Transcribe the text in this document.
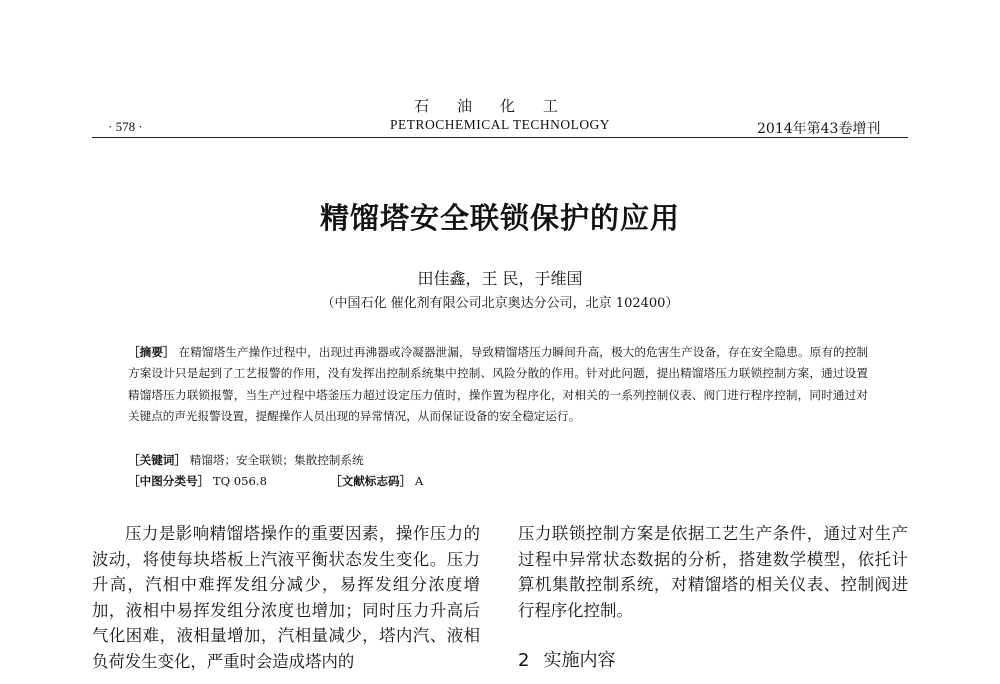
石油化工
PETROCHEMICAL TECHNOLOGY
· 578 ·	2014年第43卷增刊
精馏塔安全联锁保护的应用
田佳鑫，王 民，于维国
（中国石化 催化剂有限公司北京奥达分公司，北京 102400）
［摘要］ 在精馏塔生产操作过程中，出现过再沸器或冷凝器泄漏，导致精馏塔压力瞬间升高，极大的危害生产设备，存在安全隐患。原有的控制方案设计只是起到了工艺报警的作用，没有发挥出控制系统集中控制、风险分散的作用。针对此问题，提出精馏塔压力联锁控制方案，通过设置精馏塔压力联锁报警，当生产过程中塔釜压力超过设定压力值时，操作置为程序化，对相关的一系列控制仪表、阀门进行程序控制，同时通过对关键点的声光报警设置，提醒操作人员出现的异常情况，从而保证设备的安全稳定运行。
［关键词］ 精馏塔；安全联锁；集散控制系统
［中图分类号］ TQ 056.8	［文献标志码］ A
压力是影响精馏塔操作的重要因素，操作压力的波动，将使每块塔板上汽液平衡状态发生变化。压力升高，汽相中难挥发组分减少，易挥发组分浓度增加，液相中易挥发组分浓度也增加；同时压力升高后气化困难，液相量增加，汽相量减少，塔内汽、液相负荷发生变化，严重时会造成塔内的
压力联锁控制方案是依据工艺生产条件，通过对生产过程中异常状态数据的分析，搭建数学模型，依托计算机集散控制系统，对精馏塔的相关仪表、控制阀进行程序化控制。
2 实施内容
